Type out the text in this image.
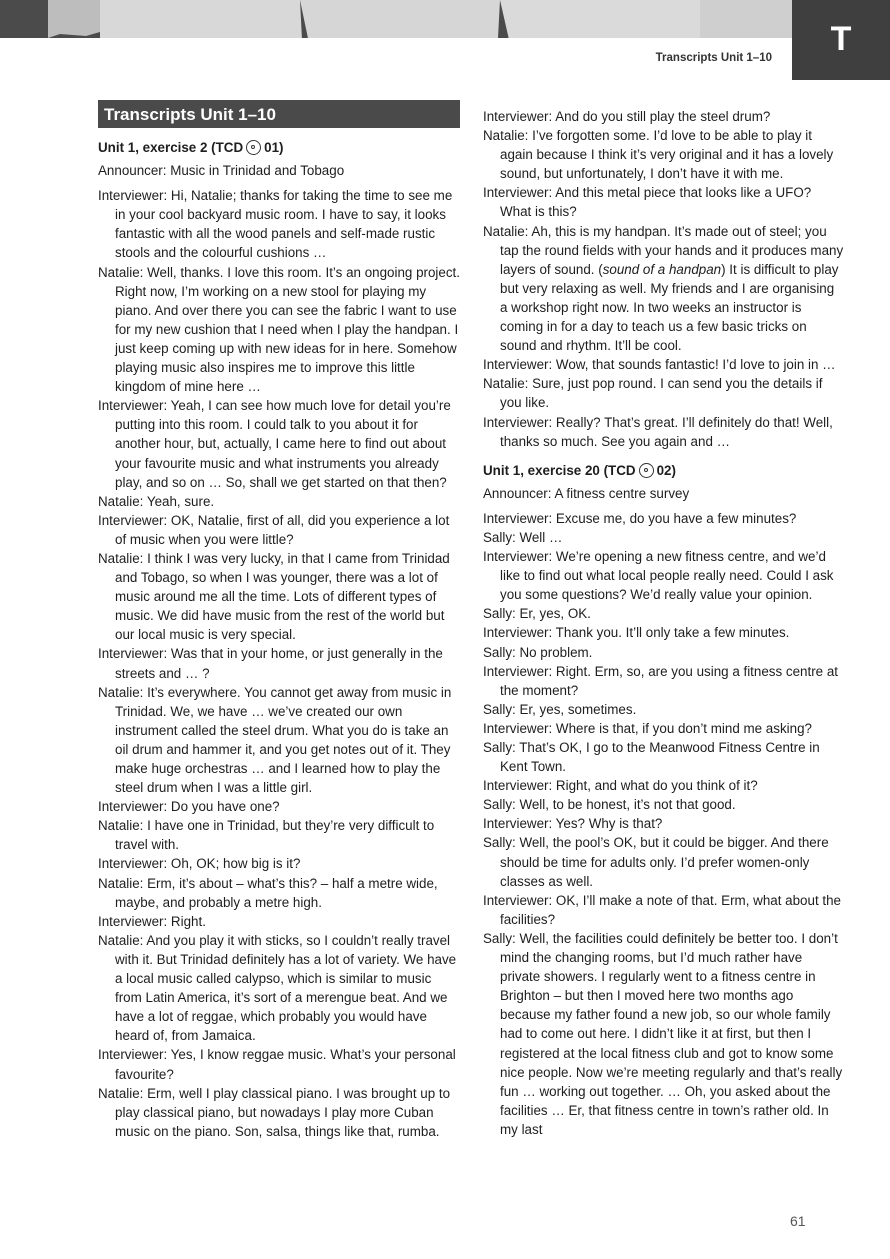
T
Transcripts Unit 1–10
Transcripts Unit 1–10
Unit 1, exercise 2 (TCD 01)

Announcer: Music in Trinidad and Tobago

Interviewer: Hi, Natalie; thanks for taking the time to see me in your cool backyard music room. I have to say, it looks fantastic with all the wood panels and self-made rustic stools and the colourful cushions …

Natalie: Well, thanks. I love this room. It’s an ongoing project. Right now, I’m working on a new stool for playing my piano. And over there you can see the fabric I want to use for my new cushion that I need when I play the handpan. I just keep coming up with new ideas for in here. Somehow playing music also inspires me to improve this little kingdom of mine here …

Interviewer: Yeah, I can see how much love for detail you’re putting into this room. I could talk to you about it for another hour, but, actually, I came here to find out about your favourite music and what instruments you already play, and so on … So, shall we get started on that then?

Natalie: Yeah, sure.

Interviewer: OK, Natalie, first of all, did you experience a lot of music when you were little?

Natalie: I think I was very lucky, in that I came from Trinidad and Tobago, so when I was younger, there was a lot of music around me all the time. Lots of different types of music. We did have music from the rest of the world but our local music is very special.

Interviewer: Was that in your home, or just generally in the streets and … ?

Natalie: It’s everywhere. You cannot get away from music in Trinidad. We, we have … we’ve created our own instrument called the steel drum. What you do is take an oil drum and hammer it, and you get notes out of it. They make huge orchestras … and I learned how to play the steel drum when I was a little girl.

Interviewer: Do you have one?

Natalie: I have one in Trinidad, but they’re very difficult to travel with.

Interviewer: Oh, OK; how big is it?

Natalie: Erm, it’s about – what’s this? – half a metre wide, maybe, and probably a metre high.

Interviewer: Right.

Natalie: And you play it with sticks, so I couldn’t really travel with it. But Trinidad definitely has a lot of variety. We have a local music called calypso, which is similar to music from Latin America, it’s sort of a merengue beat. And we have a lot of reggae, which probably you would have heard of, from Jamaica.

Interviewer: Yes, I know reggae music. What’s your personal favourite?

Natalie: Erm, well I play classical piano. I was brought up to play classical piano, but nowadays I play more Cuban music on the piano. Son, salsa, things like that, rumba.

Interviewer: And do you still play the steel drum?

Natalie: I’ve forgotten some. I’d love to be able to play it again because I think it’s very original and it has a lovely sound, but unfortunately, I don’t have it with me.

Interviewer: And this metal piece that looks like a UFO? What is this?

Natalie: Ah, this is my handpan. It’s made out of steel; you tap the round fields with your hands and it produces many layers of sound. (sound of a handpan) It is difficult to play but very relaxing as well. My friends and I are organising a workshop right now. In two weeks an instructor is coming in for a day to teach us a few basic tricks on sound and rhythm. It’ll be cool.

Interviewer: Wow, that sounds fantastic! I’d love to join in …

Natalie: Sure, just pop round. I can send you the details if you like.

Interviewer: Really? That’s great. I’ll definitely do that! Well, thanks so much. See you again and …

Unit 1, exercise 20 (TCD 02)

Announcer: A fitness centre survey

Interviewer: Excuse me, do you have a few minutes?

Sally: Well …

Interviewer: We’re opening a new fitness centre, and we’d like to find out what local people really need. Could I ask you some questions? We’d really value your opinion.

Sally: Er, yes, OK.

Interviewer: Thank you. It’ll only take a few minutes.

Sally: No problem.

Interviewer: Right. Erm, so, are you using a fitness centre at the moment?

Sally: Er, yes, sometimes.

Interviewer: Where is that, if you don’t mind me asking?

Sally: That’s OK, I go to the Meanwood Fitness Centre in Kent Town.

Interviewer: Right, and what do you think of it?

Sally: Well, to be honest, it’s not that good.

Interviewer: Yes? Why is that?

Sally: Well, the pool’s OK, but it could be bigger. And there should be time for adults only. I’d prefer women-only classes as well.

Interviewer: OK, I’ll make a note of that. Erm, what about the facilities?

Sally: Well, the facilities could definitely be better too. I don’t mind the changing rooms, but I’d much rather have private showers. I regularly went to a fitness centre in Brighton – but then I moved here two months ago because my father found a new job, so our whole family had to come out here. I didn’t like it at first, but then I registered at the local fitness club and got to know some nice people. Now we’re meeting regularly and that’s really fun … working out together. … Oh, you asked about the facilities … Er, that fitness centre in town’s rather old. In my last

61
